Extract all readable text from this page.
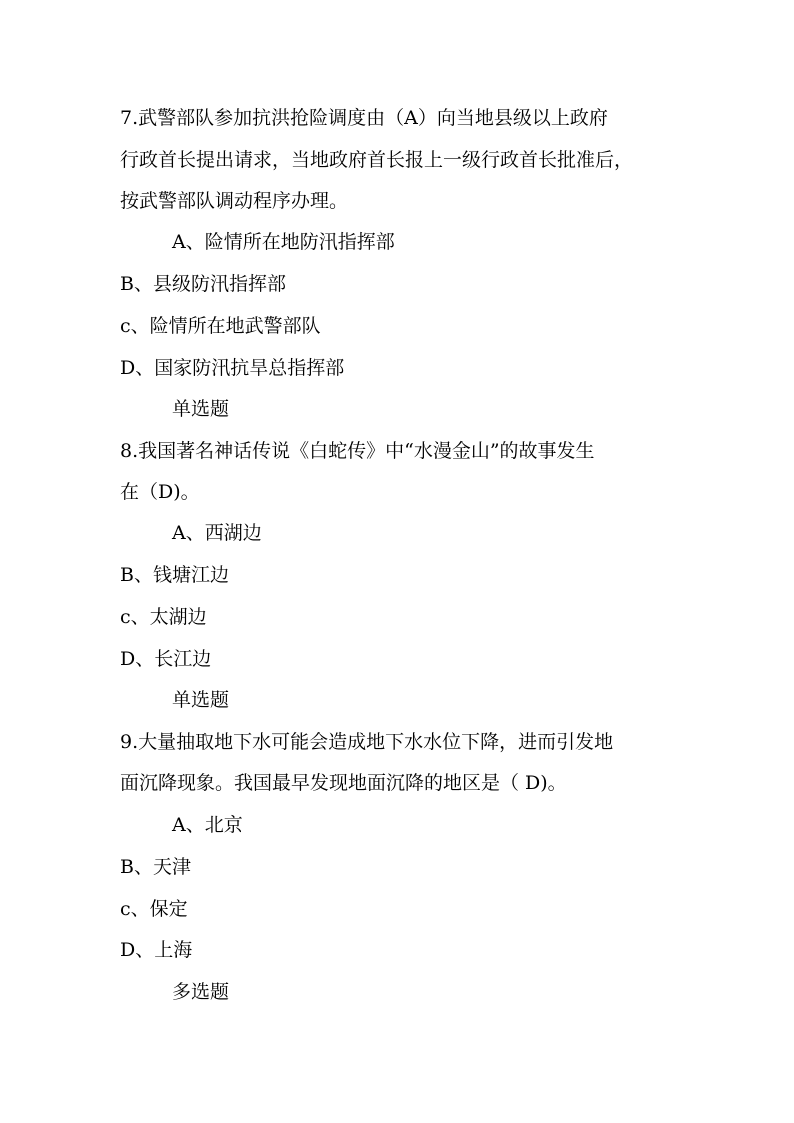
7.武警部队参加抗洪抢险调度由（A）向当地县级以上政府
行政首长提出请求，当地政府首长报上一级行政首长批准后，
按武警部队调动程序办理。
A、险情所在地防汛指挥部
B、县级防汛指挥部
c、险情所在地武警部队
D、国家防汛抗旱总指挥部
单选题
8.我国著名神话传说《白蛇传》中“水漫金山”的故事发生
在（D)。
A、西湖边
B、钱塘江边
c、太湖边
D、长江边
单选题
9.大量抽取地下水可能会造成地下水水位下降，进而引发地
面沉降现象。我国最早发现地面沉降的地区是（ D)。
A、北京
B、天津
c、保定
D、上海
多选题
